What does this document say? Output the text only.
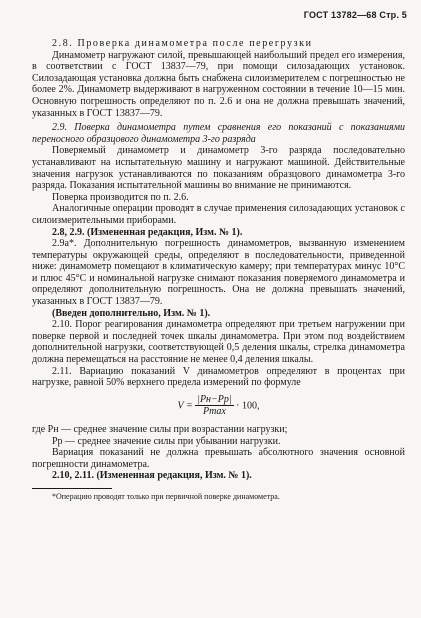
ГОСТ 13782—68 Стр. 5

2.8. Проверка динамометра после перегрузки

Динамометр нагружают силой, превышающей наибольший предел его измерения, в соответствии с ГОСТ 13837—79, при помощи силозадающих установок. Силозадающая установка должна быть снабжена силоизмерителем с погрешностью не более 2%. Динамометр выдерживают в нагруженном состоянии в течение 10—15 мин. Основную погрешность определяют по п. 2.6 и она не должна превышать значений, указанных в ГОСТ 13837—79.

2.9. Поверка динамометра путем сравнения его показаний с показаниями переносного образцового динамометра 3-го разряда

Поверяемый динамометр и динамометр 3-го разряда последовательно устанавливают на испытательную машину и нагружают машиной. Действительные значения нагрузок устанавливаются по показаниям образцового динамометра 3-го разряда. Показания испытательной машины во внимание не принимаются.

Поверка производится по п. 2.6.

Аналогичные операции проводят в случае применения силозадающих установок с силоизмерительными приборами.

2.8, 2.9. (Измененная редакция, Изм. № 1).

2.9а*. Дополнительную погрешность динамометров, вызванную изменением температуры окружающей среды, определяют в последовательности, приведенной ниже: динамометр помещают в климатическую камеру; при температурах минус 10°С и плюс 45°С и номинальной нагрузке снимают показания поверяемого динамометра и определяют дополнительную погрешность. Она не должна превышать значений, указанных в ГОСТ 13837—79.

(Введен дополнительно, Изм. № 1).

2.10. Порог реагирования динамометра определяют при третьем нагружении при поверке первой и последней точек шкалы динамометра. При этом под воздействием дополнительной нагрузки, соответствующей 0,5 деления шкалы, стрелка динамометра должна перемещаться на расстояние не менее 0,4 деления шкалы.

2.11. Вариацию показаний V динамометров определяют в процентах при нагрузке, равной 50% верхнего предела измерений по формуле

$V = \frac{|Pн-Pр|}{Pmax} \cdot 100$,

где Pн — среднее значение силы при возрастании нагрузки;

Pр — среднее значение силы при убывании нагрузки.

Вариация показаний не должна превышать абсолютного значения основной погрешности динамометра.

2.10, 2.11. (Измененная редакция, Изм. № 1).

*Операцию проводят только при первичной поверке динамометра.
